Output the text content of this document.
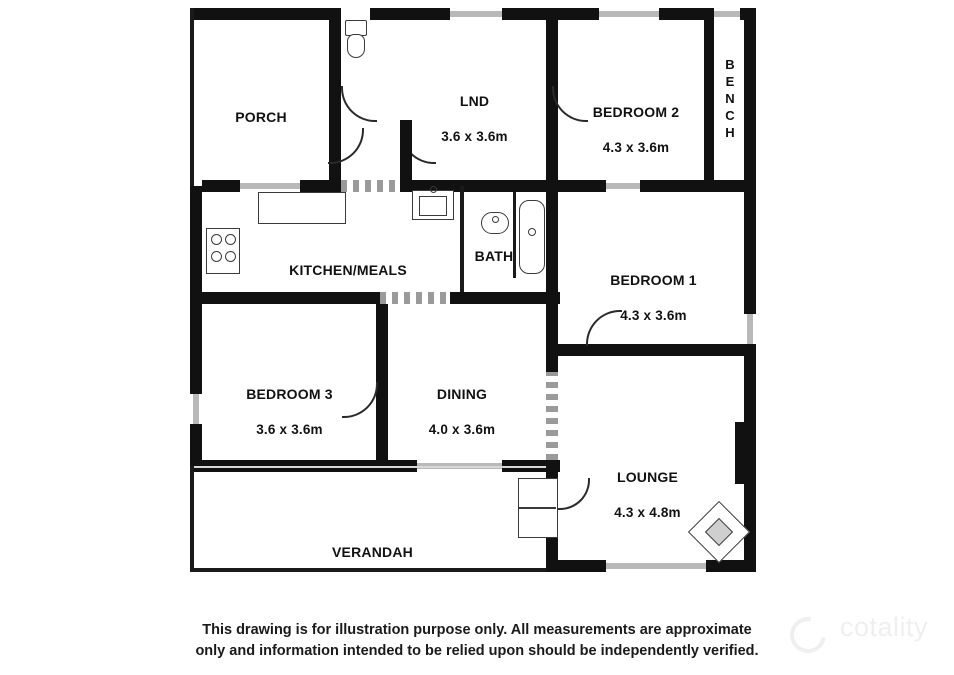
PORCH

LND

3.6 x 3.6m

BEDROOM 2

4.3 x 3.6m

B E N C H

KITCHEN/MEALS

BATH

BEDROOM 1

4.3 x 3.6m

BEDROOM 3

3.6 x 3.6m

DINING

4.0 x 3.6m

LOUNGE

4.3 x 4.8m

VERANDAH

cotality
This drawing is for illustration purpose only. All measurements are approximate
only and information intended to be relied upon should be independently verified.
